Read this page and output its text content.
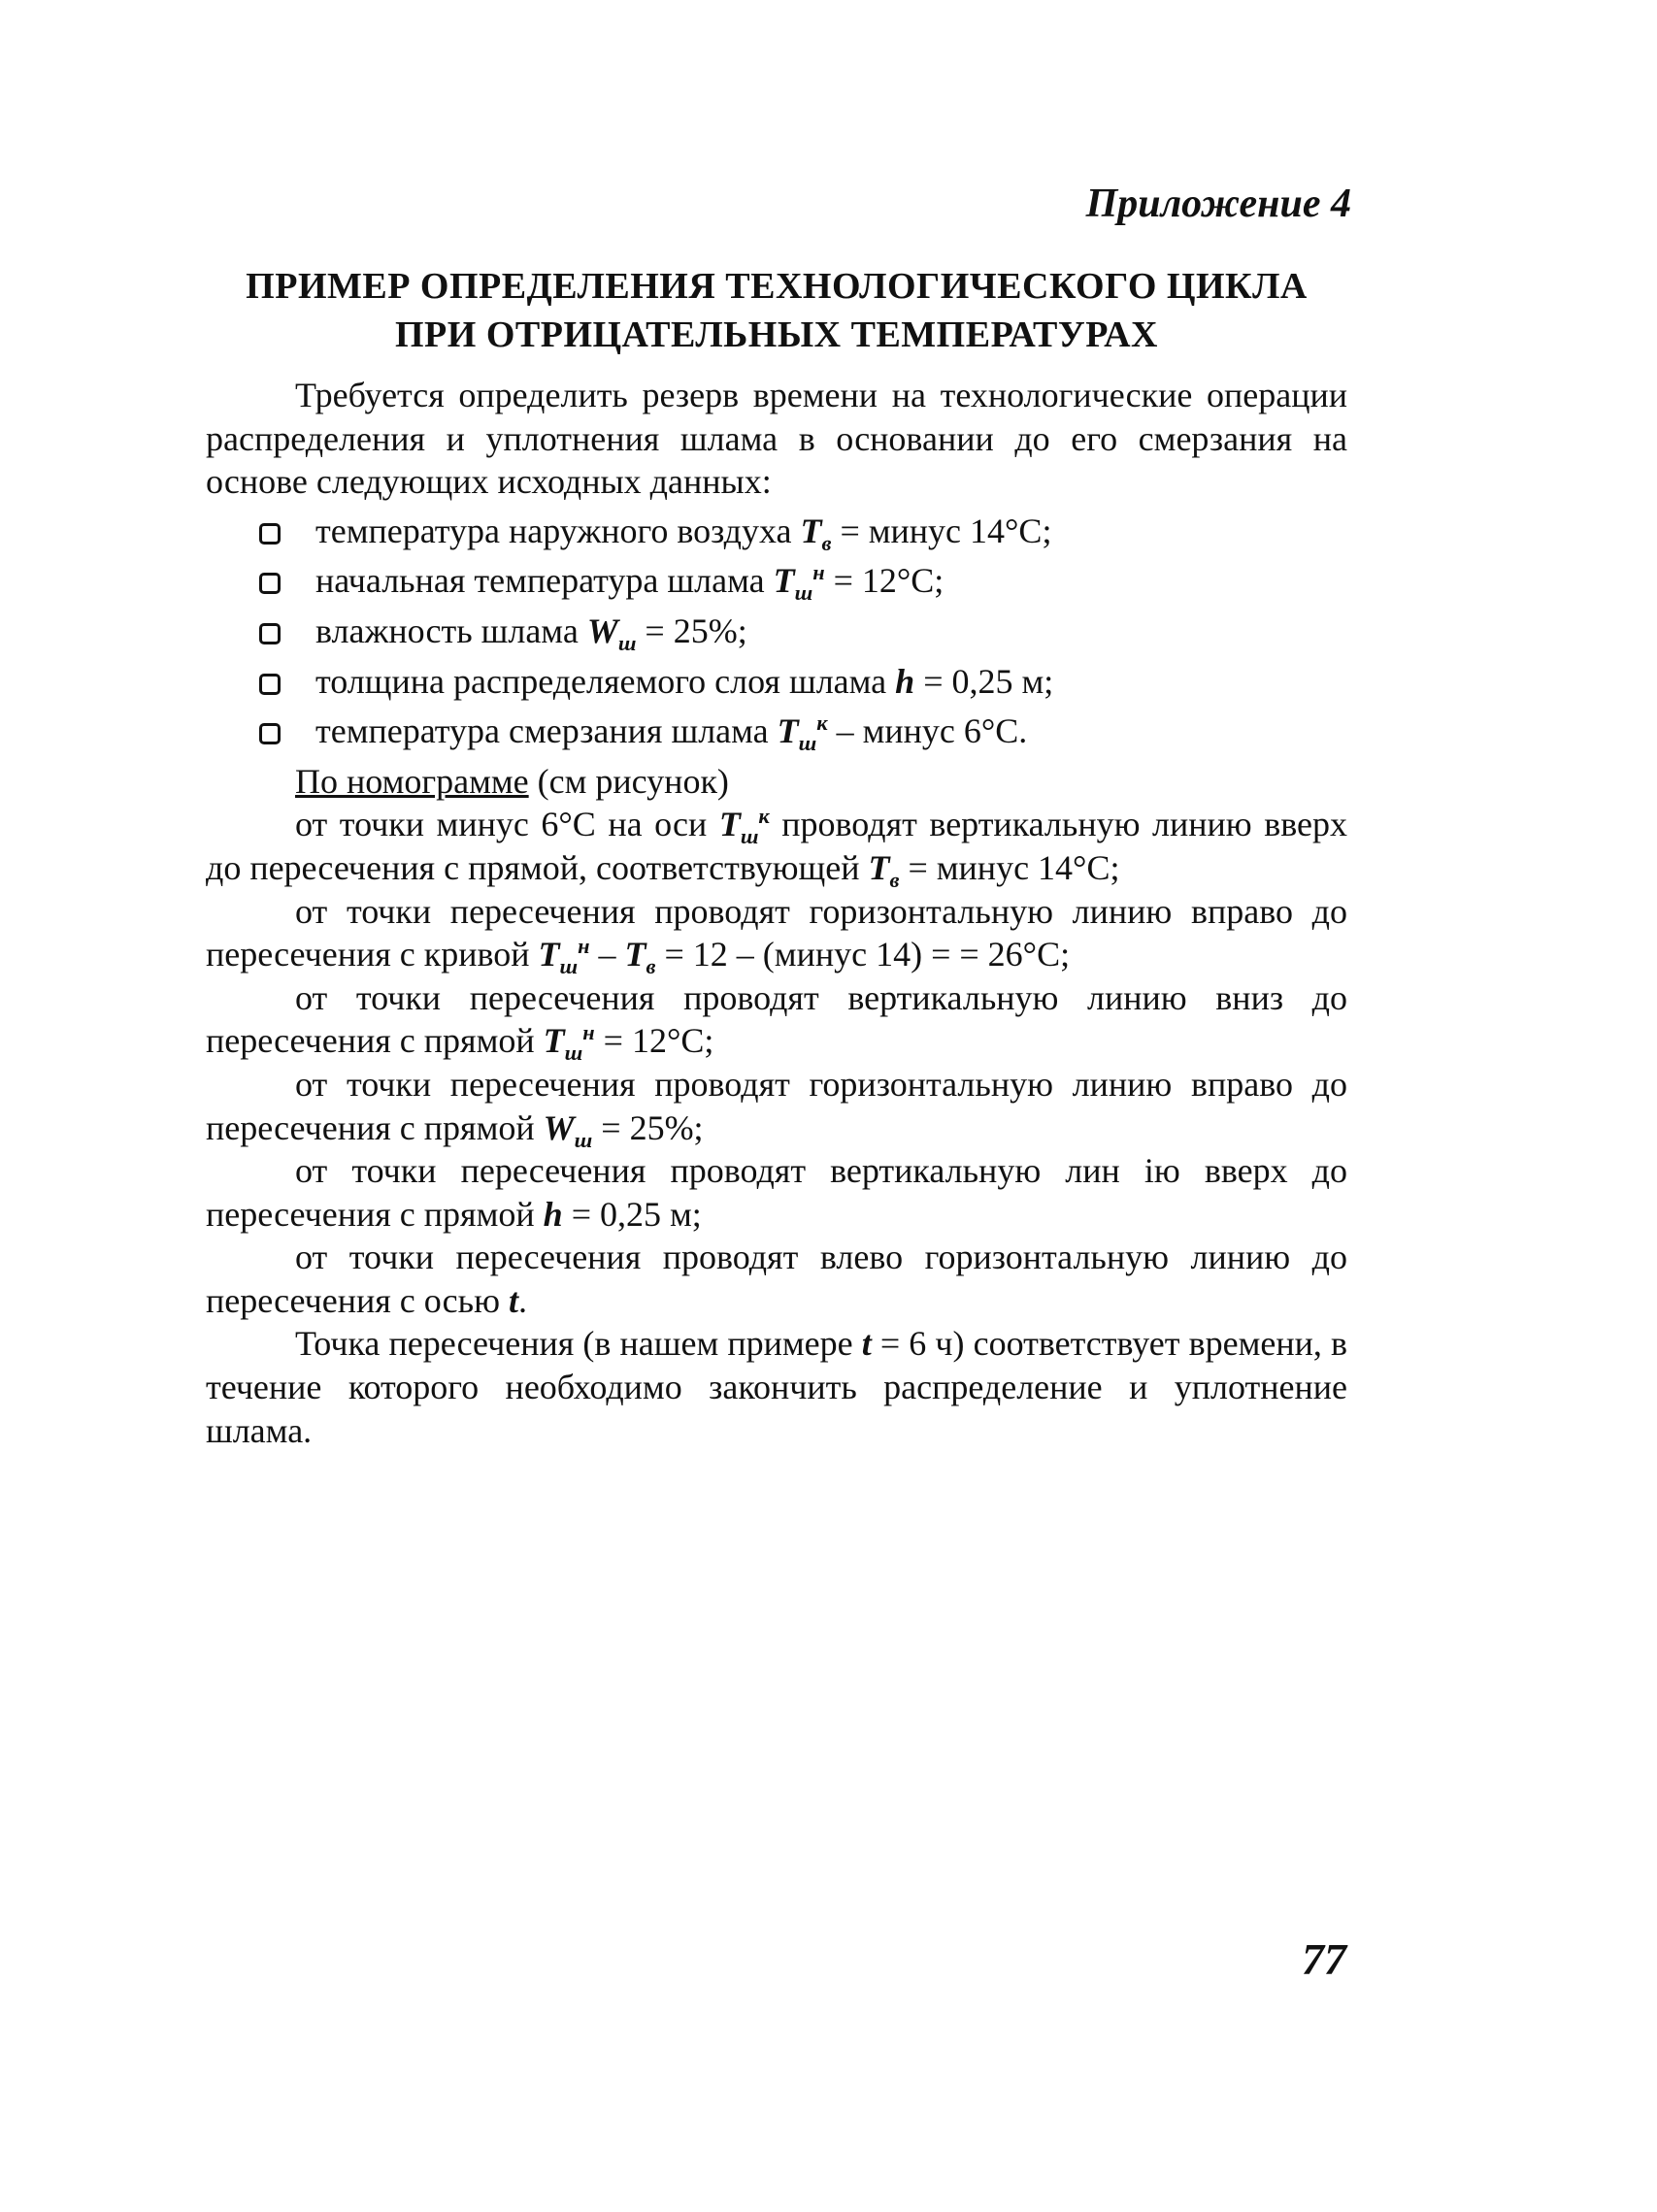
Приложение 4
ПРИМЕР ОПРЕДЕЛЕНИЯ ТЕХНОЛОГИЧЕСКОГО ЦИКЛА
ПРИ ОТРИЦАТЕЛЬНЫХ ТЕМПЕРАТУРАХ

Требуется определить резерв времени на технологические операции распределения и уплотнения шлама в основании до его смерзания на основе следующих исходных данных:

температура наружного воздуха $T_в$ = минус 14°С;
начальная температура шлама $T_ш^н = 12^\circ С$;
влажность шлама $W_ш = 25\%$;
толщина распределяемого слоя шлама h = 0,25 м;
температура смерзания шлама $T_ш^к$ – минус 6°С.

По номограмме (см рисунок)

от точки минус 6°С на оси $T_ш^к$ проводят вертикальную линию вверх до пересечения с прямой, соответствующей $T_в$ = минус 14°С;

от точки пересечения проводят горизонтальную линию вправо до пересечения с кривой $T_ш^н - T_в = 12$ – (минус 14) = = 26°С;

от точки пересечения проводят вертикальную линию вниз до пересечения с прямой $T_ш^н = 12^\circ С$;

от точки пересечения проводят горизонтальную линию вправо до пересечения с прямой $W_ш = 25\%$;

от точки пересечения проводят вертикальную лин ію вверх до пересечения с прямой h = 0,25 м;

от точки пересечения проводят влево горизонтальную линию до пересечения с осью t.

Точка пересечения (в нашем примере t = 6 ч) соответствует времени, в течение которого необходимо закончить распределение и уплотнение шлама.

77
